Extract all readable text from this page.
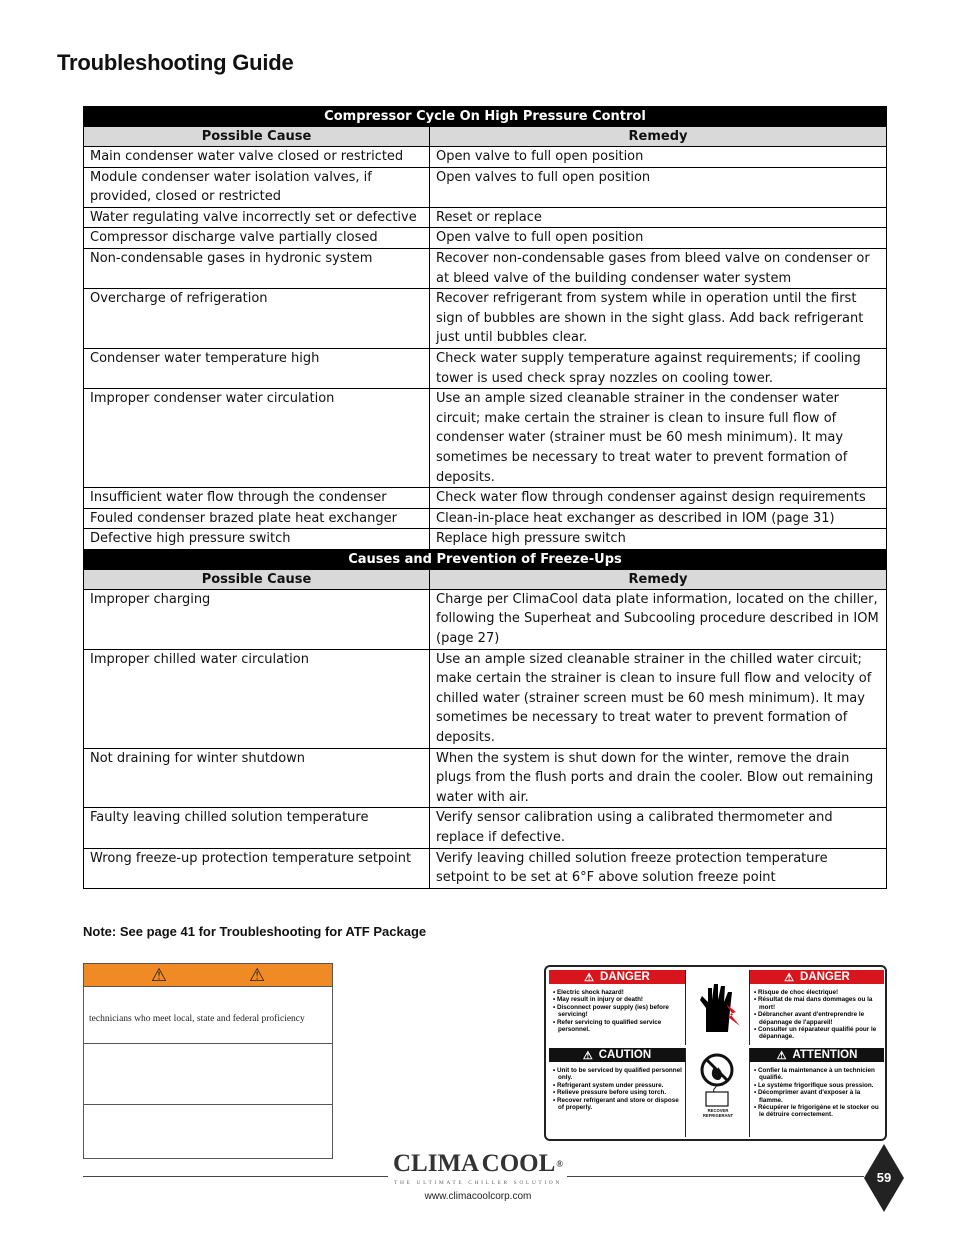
Troubleshooting Guide
Compressor Cycle On High Pressure Control	
Possible Cause	Remedy
Main condenser water valve closed or restricted	Open valve to full open position
Module condenser water isolation valves, if provided, closed or restricted	Open valves to full open position
Water regulating valve incorrectly set or defective	Reset or replace
Compressor discharge valve partially closed	Open valve to full open position
Non-condensable gases in hydronic system	Recover non-condensable gases from bleed valve on condenser or at bleed valve of the building condenser water system
Overcharge of refrigeration	Recover refrigerant from system while in operation until the first sign of bubbles are shown in the sight glass. Add back refrigerant just until bubbles clear.
Condenser water temperature high	Check water supply temperature against requirements; if cooling tower is used check spray nozzles on cooling tower.
Improper condenser water circulation	Use an ample sized cleanable strainer in the condenser water circuit; make certain the strainer is clean to insure full flow of condenser water (strainer must be 60 mesh minimum). It may sometimes be necessary to treat water to prevent formation of deposits.
Insufficient water flow through the condenser	Check water flow through condenser against design requirements
Fouled condenser brazed plate heat exchanger	Clean-in-place heat exchanger as described in IOM (page 31)
Defective high pressure switch	Replace high pressure switch
Causes and Prevention of Freeze-Ups	
Possible Cause	Remedy
Improper charging	Charge per ClimaCool data plate information, located on the chiller, following the Superheat and Subcooling procedure described in IOM (page 27)
Improper chilled water circulation	Use an ample sized cleanable strainer in the chilled water circuit; make certain the strainer is clean to insure full flow and velocity of chilled water (strainer screen must be 60 mesh minimum). It may sometimes be necessary to treat water to prevent formation of deposits.
Not draining for winter shutdown	When the system is shut down for the winter, remove the drain plugs from the flush ports and drain the cooler. Blow out remaining water with air.
Faulty leaving chilled solution temperature	Verify sensor calibration using a calibrated thermometer and replace if defective.
Wrong freeze-up protection temperature setpoint	Verify leaving chilled solution freeze protection temperature setpoint to be set at 6°F above solution freeze point
Note: See page 41 for Troubleshooting for ATF Package
⚠	⚠
technicians who meet local, state and federal proficiency
⚠ DANGER	⚠ DANGER
⚠ CAUTION	⚠ ATTENTION
• Electric shock hazard!
• May result in injury or death!
• Disconnect power supply (ies) before servicing!
• Refer servicing to qualified service personnel.
• Risque de choc électrique!
• Résultat de mai dans dommages ou la mort!
• Débrancher avant d'entreprendre le dépannage de l'appareil!
• Consulter un réparateur qualifié pour le dépannage.
• Unit to be serviced by qualified personnel only.
• Refrigerant system under pressure.
• Relieve pressure before using torch.
• Recover refrigerant and store or dispose of properly.
• Confier la maintenance à un technicien qualifié.
• Le système frigorifique sous pression.
• Décomprimer avant d'exposer à la flamme.
• Récupérer le frigorigène et le stocker ou le détruire correctement.
RECOVER REFRIGERANT
CLIMA COOL ®
THE ULTIMATE CHILLER SOLUTION
www.climacoolcorp.com
59
